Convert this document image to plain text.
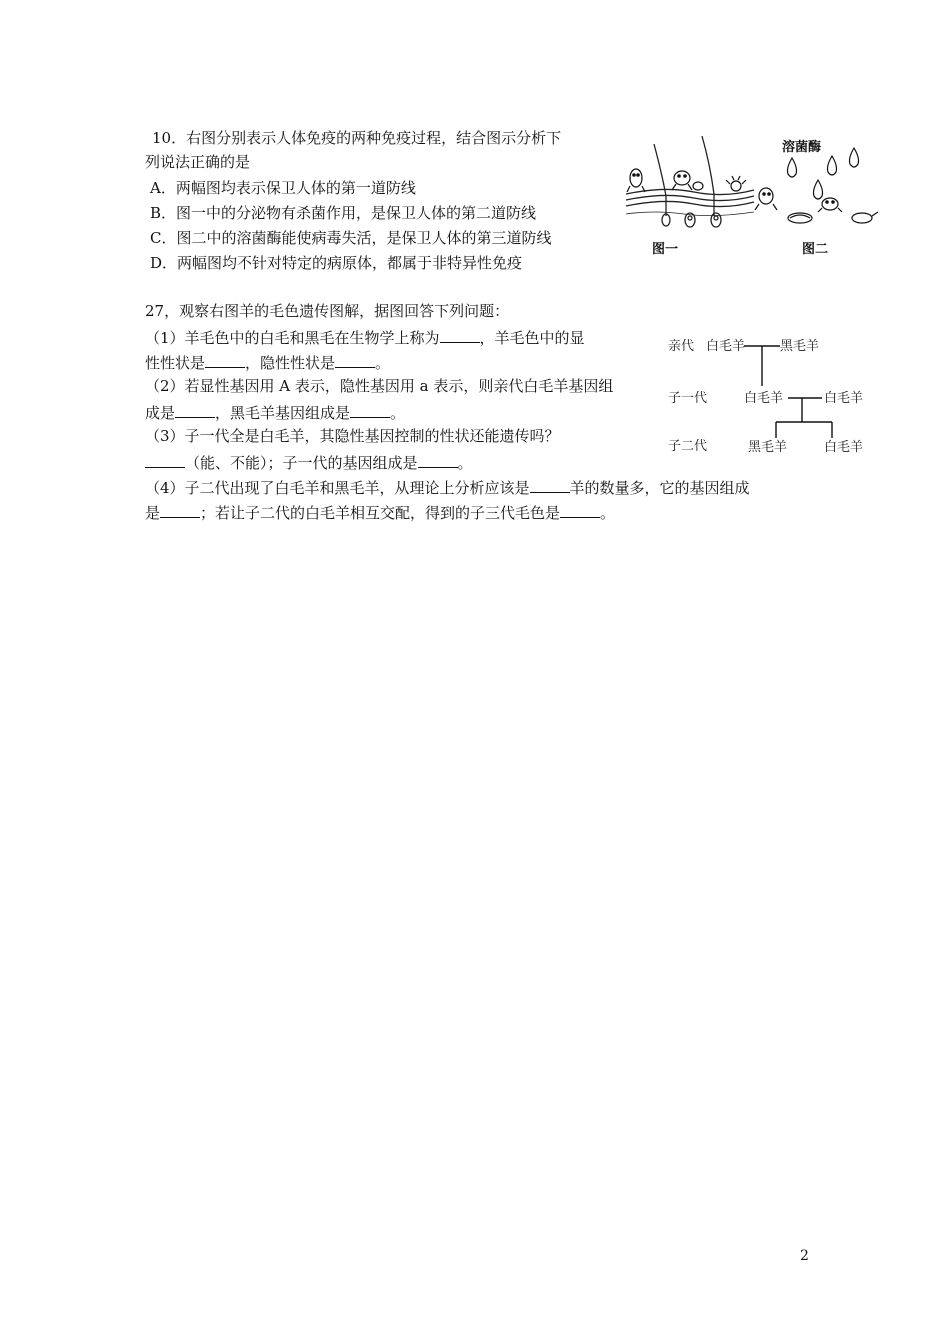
10．右图分别表示人体免疫的两种免疫过程，结合图示分析下
列说法正确的是
A．两幅图均表示保卫人体的第一道防线
B．图一中的分泌物有杀菌作用，是保卫人体的第二道防线
C．图二中的溶菌酶能使病毒失活，是保卫人体的第三道防线
D．两幅图均不针对特定的病原体，都属于非特异性免疫
溶菌酶
图一	图二
27，观察右图羊的毛色遗传图解，据图回答下列问题：
（1）羊毛色中的白毛和黑毛在生物学上称为	，羊毛色中的显
性性状是	，隐性性状是	。
（2）若显性基因用 A 表示，隐性基因用 a 表示，则亲代白毛羊基因组
成是	，黑毛羊基因组成是	。
（3）子一代全是白毛羊，其隐性基因控制的性状还能遗传吗？
（能、不能）；子一代的基因组成是	。
（4）子二代出现了白毛羊和黑毛羊，从理论上分析应该是	羊的数量多，它的基因组成
是	；若让子二代的白毛羊相互交配，得到的子三代毛色是	。
亲代 白毛羊	黑毛羊
子一代	白毛羊	白毛羊
子二代	黑毛羊	白毛羊
2
